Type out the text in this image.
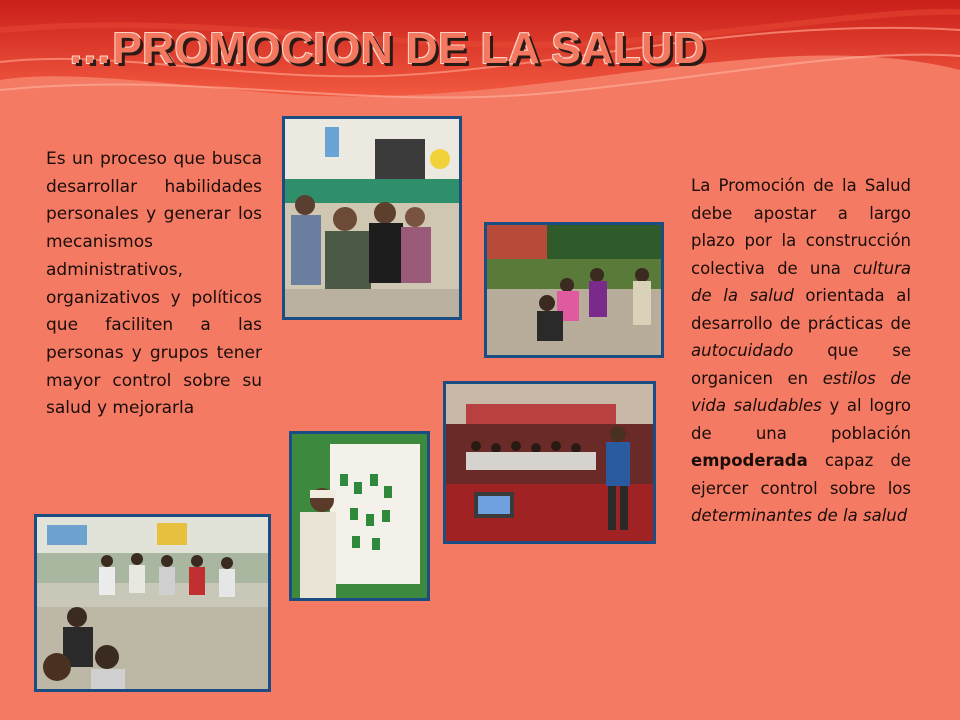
…PROMOCION DE LA SALUD

Es un proceso que busca desarrollar habilidades personales y generar los mecanismos administrativos, organizativos y políticos que faciliten a las personas y grupos tener mayor control sobre su salud y mejorarla

La Promoción de la Salud debe apostar a largo plazo por la construcción colectiva de una cultura de la salud orientada al desarrollo de prácticas de autocuidado que se organicen en estilos de vida saludables y al logro de una población empoderada capaz de ejercer control sobre los determinantes de la salud
